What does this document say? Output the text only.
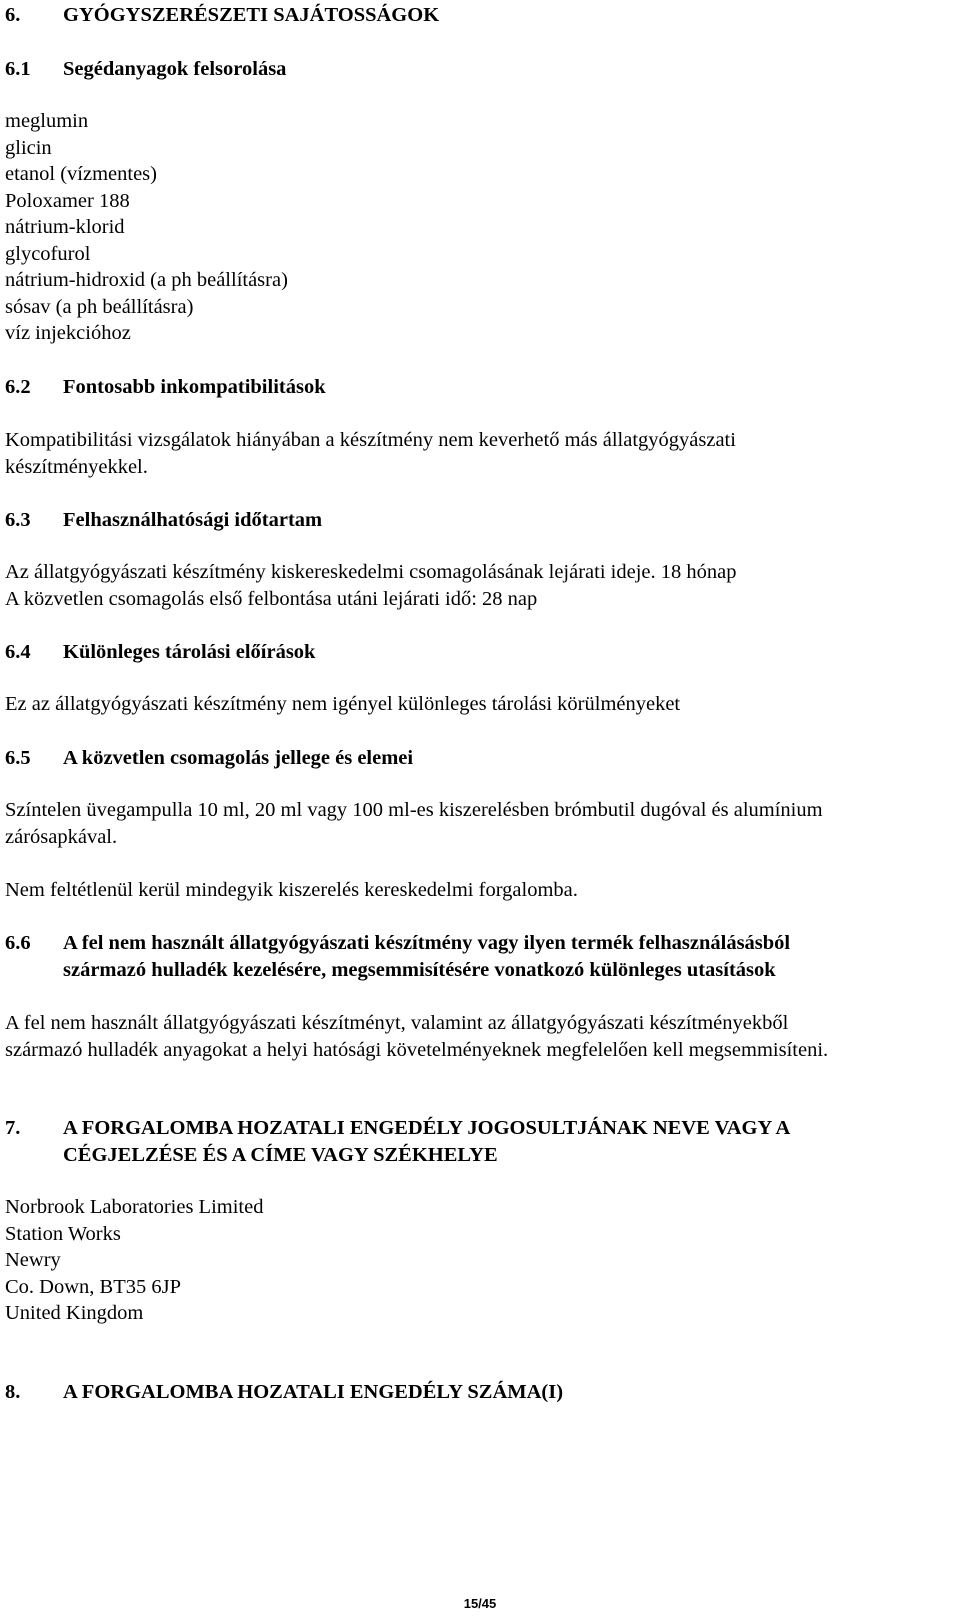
6. GYÓGYSZERÉSZETI SAJÁTOSSÁGOK
6.1 Segédanyagok felsorolása
meglumin
glicin
etanol (vízmentes)
Poloxamer 188
nátrium-klorid
glycofurol
nátrium-hidroxid (a ph beállításra)
sósav (a ph beállításra)
víz injekcióhoz
6.2 Fontosabb inkompatibilitások
Kompatibilitási vizsgálatok hiányában a készítmény nem keverhető más állatgyógyászati
készítményekkel.
6.3 Felhasználhatósági időtartam
Az állatgyógyászati készítmény kiskereskedelmi csomagolásának lejárati ideje. 18 hónap
A közvetlen csomagolás első felbontása utáni lejárati idő: 28 nap
6.4 Különleges tárolási előírások
Ez az állatgyógyászati készítmény nem igényel különleges tárolási körülményeket
6.5 A közvetlen csomagolás jellege és elemei
Színtelen üvegampulla 10 ml, 20 ml vagy 100 ml-es kiszerelésben brómbutil dugóval és alumínium
zárósapkával.
Nem feltétlenül kerül mindegyik kiszerelés kereskedelmi forgalomba.
6.6 A fel nem használt állatgyógyászati készítmény vagy ilyen termék felhasználásásból
származó hulladék kezelésére, megsemmisítésére vonatkozó különleges utasítások
A fel nem használt állatgyógyászati készítményt, valamint az állatgyógyászati készítményekből
származó hulladék anyagokat a helyi hatósági követelményeknek megfelelően kell megsemmisíteni.
7. A FORGALOMBA HOZATALI ENGEDÉLY JOGOSULTJÁNAK NEVE VAGY A
CÉGJELZÉSE ÉS A CÍME VAGY SZÉKHELYE
Norbrook Laboratories Limited
Station Works
Newry
Co. Down, BT35 6JP
United Kingdom
8. A FORGALOMBA HOZATALI ENGEDÉLY SZÁMA(I)
15/45
